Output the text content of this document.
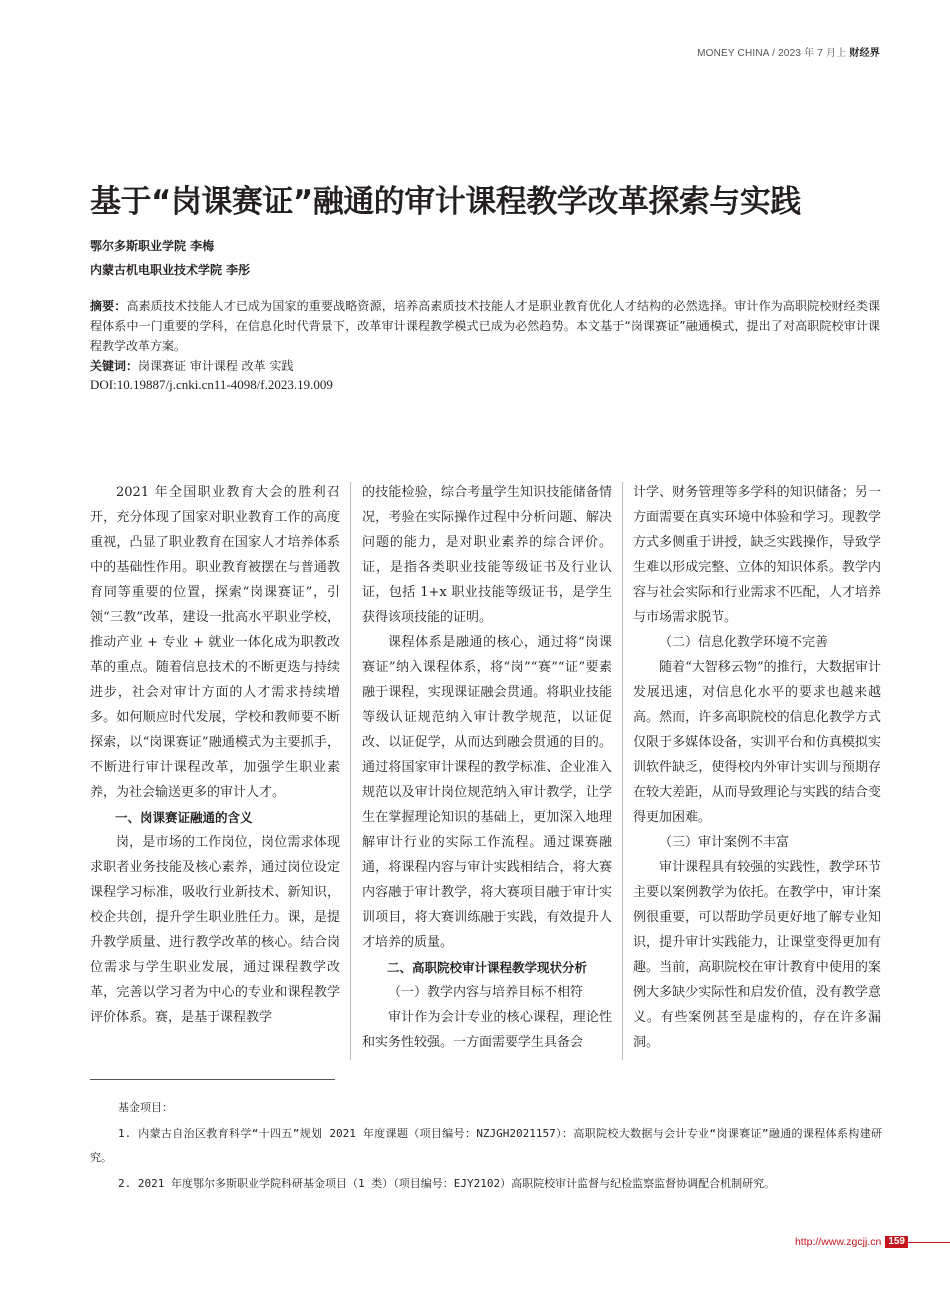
MONEY CHINA / 2023 年 7 月上 财经界
基于“岗课赛证”融通的审计课程教学改革探索与实践
鄂尔多斯职业学院 李梅
内蒙古机电职业技术学院 李彤

摘要：高素质技术技能人才已成为国家的重要战略资源，培养高素质技术技能人才是职业教育优化人才结构的必然选择。审计作为高职院校财经类课程体系中一门重要的学科，在信息化时代背景下，改革审计课程教学模式已成为必然趋势。本文基于“岗课赛证”融通模式，提出了对高职院校审计课程教学改革方案。

关键词：岗课赛证 审计课程 改革 实践
DOI:10.19887/j.cnki.cn11-4098/f.2023.19.009

2021 年全国职业教育大会的胜利召开，充分体现了国家对职业教育工作的高度重视，凸显了职业教育在国家人才培养体系中的基础性作用。职业教育被摆在与普通教育同等重要的位置，探索“岗课赛证”，引领“三教”改革，建设一批高水平职业学校，推动产业 + 专业 + 就业一体化成为职教改革的重点。随着信息技术的不断更迭与持续进步，社会对审计方面的人才需求持续增多。如何顺应时代发展，学校和教师要不断探索，以“岗课赛证”融通模式为主要抓手，不断进行审计课程改革，加强学生职业素养，为社会输送更多的审计人才。

一、岗课赛证融通的含义

岗，是市场的工作岗位，岗位需求体现求职者业务技能及核心素养，通过岗位设定课程学习标准，吸收行业新技术、新知识，校企共创，提升学生职业胜任力。课，是提升教学质量、进行教学改革的核心。结合岗位需求与学生职业发展，通过课程教学改革，完善以学习者为中心的专业和课程教学评价体系。赛，是基于课程教学

的技能检验，综合考量学生知识技能储备情况，考验在实际操作过程中分析问题、解决问题的能力，是对职业素养的综合评价。证，是指各类职业技能等级证书及行业认证，包括 1+x 职业技能等级证书，是学生获得该项技能的证明。

课程体系是融通的核心，通过将“岗课赛证”纳入课程体系，将“岗”“赛”“证”要素融于课程，实现课证融会贯通。将职业技能等级认证规范纳入审计教学规范，以证促改、以证促学，从而达到融会贯通的目的。通过将国家审计课程的教学标准、企业准入规范以及审计岗位规范纳入审计教学，让学生在掌握理论知识的基础上，更加深入地理解审计行业的实际工作流程。通过课赛融通，将课程内容与审计实践相结合，将大赛内容融于审计教学，将大赛项目融于审计实训项目，将大赛训练融于实践，有效提升人才培养的质量。

二、高职院校审计课程教学现状分析
（一）教学内容与培养目标不相符

审计作为会计专业的核心课程，理论性和实务性较强。一方面需要学生具备会

计学、财务管理等多学科的知识储备；另一方面需要在真实环境中体验和学习。现教学方式多侧重于讲授，缺乏实践操作，导致学生难以形成完整、立体的知识体系。教学内容与社会实际和行业需求不匹配，人才培养与市场需求脱节。

（二）信息化教学环境不完善

随着“大智移云物”的推行，大数据审计发展迅速，对信息化水平的要求也越来越高。然而，许多高职院校的信息化教学方式仅限于多媒体设备，实训平台和仿真模拟实训软件缺乏，使得校内外审计实训与预期存在较大差距，从而导致理论与实践的结合变得更加困难。

（三）审计案例不丰富

审计课程具有较强的实践性，教学环节主要以案例教学为依托。在教学中，审计案例很重要，可以帮助学员更好地了解专业知识，提升审计实践能力，让课堂变得更加有趣。当前，高职院校在审计教育中使用的案例大多缺少实际性和启发价值，没有教学意义。有些案例甚至是虚构的，存在许多漏洞。

基金项目：
1. 内蒙古自治区教育科学“十四五”规划 2021 年度课题（项目编号：NZJGH2021157）：高职院校大数据与会计专业“岗课赛证”融通的课程体系构建研究。
2. 2021 年度鄂尔多斯职业学院科研基金项目（1 类）（项目编号：EJY2102）高职院校审计监督与纪检监察监督协调配合机制研究。
http://www.zgcjj.cn 159
